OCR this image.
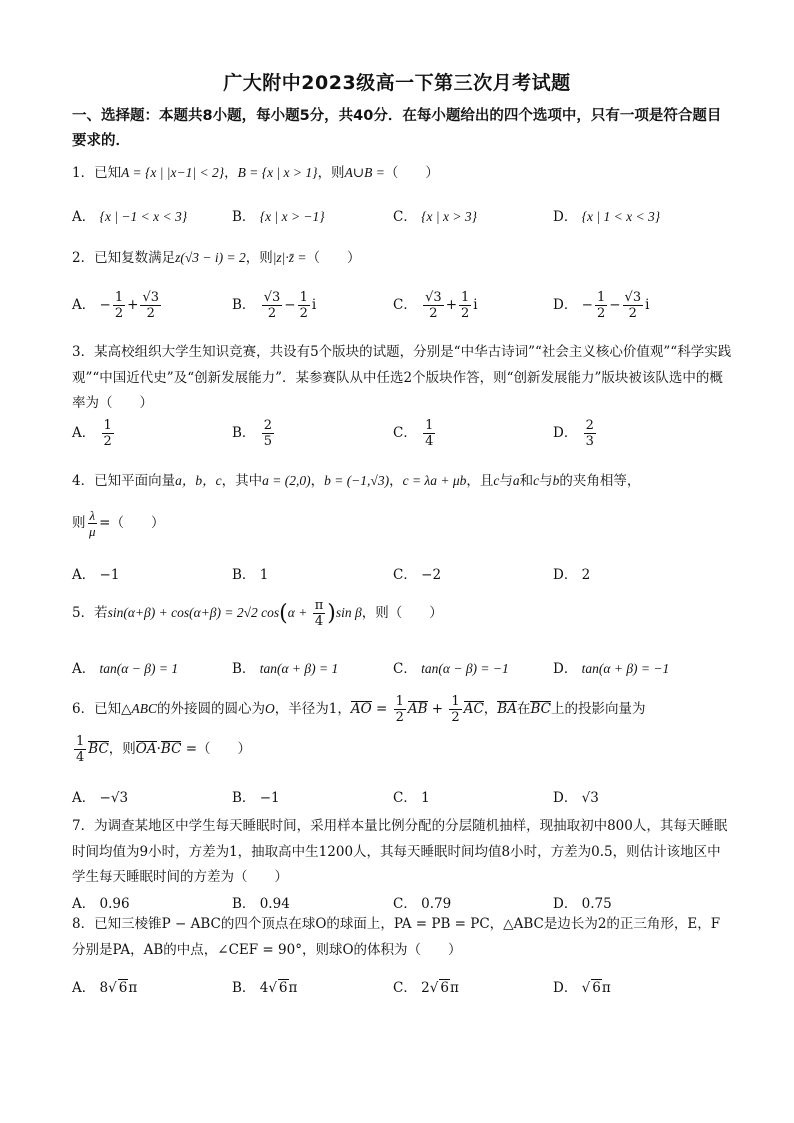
广大附中2023级高一下第三次月考试题
一、选择题：本题共8小题，每小题5分，共40分．在每小题给出的四个选项中，只有一项是符合题目要求的．
1．已知A = {x | |x−1| < 2}，B = {x | x > 1}，则A∪B =（　　）
A． {x | −1 < x < 3}	B． {x | x > −1}	C． {x | x > 3}	D． {x | 1 < x < 3}
2．已知复数满足z(√3 − i) = 2，则|z|·z̄ =（　　）
A． − $\frac{1}{2} + \frac{√3}{2}$	B． $\frac{√3}{2} - \frac{1}{2}$ i	C． $\frac{√3}{2} + \frac{1}{2}$ i	D． − $\frac{1}{2} - \frac{√3}{2}$ i
3．某高校组织大学生知识竞赛，共设有5个版块的试题，分别是“中华古诗词”“社会主义核心价值观”“科学实践观”“中国近代史”及“创新发展能力”．某参赛队从中任选2个版块作答，则“创新发展能力”版块被该队选中的概率为（　　）
A． $\frac{1}{2}$	B． $\frac{2}{5}$	C． $\frac{1}{4}$	D． $\frac{2}{3}$
4．已知平面向量a，b，c，其中a = (2,0)，b = (−1,√3)，c = λa + μb，且c与a和c与b的夹角相等，
则 $\frac{\lambda}{\mu}$ =（　　）
A． −1	B． 1	C． −2	D． 2
5．若sin(α+β) + cos(α+β) = 2√2 $\cos(\alpha + \frac{\pi}{4} )\sin$ β，则（　　）
A． tan(α − β) = 1	B． tan(α + β) = 1	C． tan(α − β) = −1	D． tan(α + β) = −1
6．已知△ABC的外接圆的圆心为O，半径为1，AO = $\frac{1}{2}$ AB + $\frac{1}{2}$ AC，BA在BC上的投影向量为
$\frac{1}{4}$ BC，则OA·BC =（　　）
A． −√3	B． −1	C． 1	D． √3
7．为调查某地区中学生每天睡眠时间，采用样本量比例分配的分层随机抽样，现抽取初中800人，其每天睡眠时间均值为9小时，方差为1，抽取高中生1200人，其每天睡眠时间均值8小时，方差为0.5，则估计该地区中学生每天睡眠时间的方差为（　　）
A． 0.96	B． 0.94	C． 0.79	D． 0.75
8．已知三棱锥P − ABC的四个顶点在球O的球面上，PA = PB = PC，△ABC是边长为2的正三角形，E，F分别是PA，AB的中点，∠CEF = 90°，则球O的体积为（　　）
A． 8√ 6π	B． 4√ 6π	C． 2√ 6π	D． √ 6π
